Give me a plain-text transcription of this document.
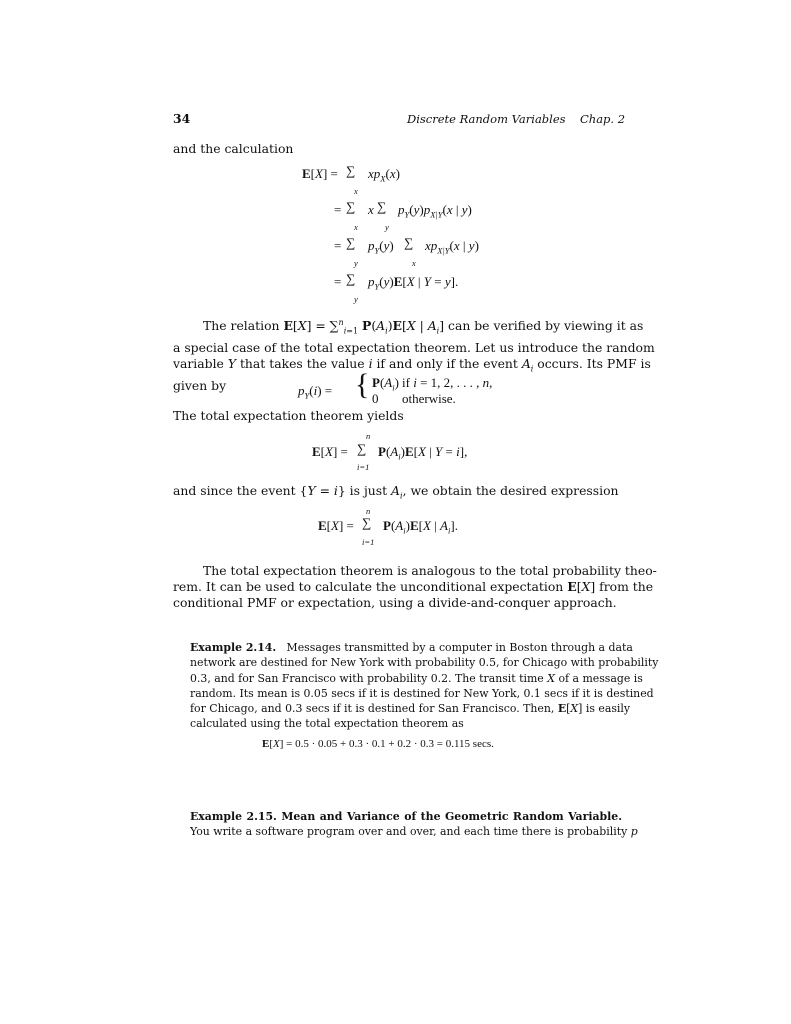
34	Discrete Random Variables Chap. 2
and the calculation
E[X] = ∑
x
$xp_X(x)$
= ∑
x
x ∑
y
$p_Y(y)p_{X|Y}(x$ | y)
= ∑
y
$p_Y(y)$ ∑
x
$xp_{X|Y}(x$ | y)
= ∑
y
$p_Y(y)E[X$ | Y = y].
The relation E[X] = ∑$^n_{i=1}$ $P(A_i)E[X$ | $A_i$] can be verified by viewing it as
a special case of the total expectation theorem. Let us introduce the random
variable Y that takes the value i if and only if the event $A_i$ occurs. Its PMF is
given by	$p_Y(i)$ = { $P(A_i)$ if i = 1, 2, . . . , n,
0 otherwise.
The total expectation theorem yields
n
E[X] = ∑
i=1
$P(A_i)E[X$ | Y = i],
and since the event {Y = i} is just $A_i$, we obtain the desired expression
n
E[X] = ∑
i=1
$P(A_i)E[X$ | $A_i$].
The total expectation theorem is analogous to the total probability theo-
rem. It can be used to calculate the unconditional expectation E[X] from the
conditional PMF or expectation, using a divide-and-conquer approach.
Example 2.14.   Messages transmitted by a computer in Boston through a data
network are destined for New York with probability 0.5, for Chicago with probability
0.3, and for San Francisco with probability 0.2. The transit time X of a message is
random. Its mean is 0.05 secs if it is destined for New York, 0.1 secs if it is destined
for Chicago, and 0.3 secs if it is destined for San Francisco. Then, E[X] is easily
calculated using the total expectation theorem as
E[X] = 0.5 · 0.05 + 0.3 · 0.1 + 0.2 · 0.3 = 0.115 secs.
Example 2.15. Mean and Variance of the Geometric Random Variable.
You write a software program over and over, and each time there is probability p
